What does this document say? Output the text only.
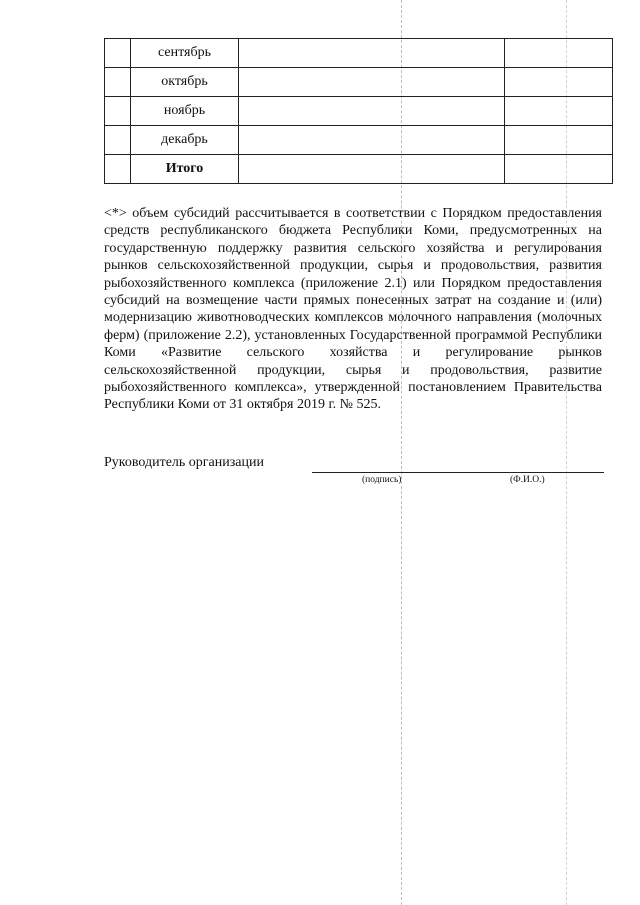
	сентябрь		
	октябрь		
	ноябрь		
	декабрь		
	Итого		

<*> объем субсидий рассчитывается в соответствии с Порядком предоставления средств республиканского бюджета Республики Коми, предусмотренных на государственную поддержку развития сельского хозяйства и регулирования рынков сельскохозяйственной продукции, сырья и продовольствия, развития рыбохозяйственного комплекса (приложение 2.1) или Порядком предоставления субсидий на возмещение части прямых понесенных затрат на создание и (или) модернизацию животноводческих комплексов молочного направления (молочных ферм) (приложение 2.2), установленных Государственной программой Республики Коми «Развитие сельского хозяйства и регулирование рынков сельскохозяйственной продукции, сырья и продовольствия, развитие рыбохозяйственного комплекса», утвержденной постановлением Правительства Республики Коми от 31 октября 2019 г. № 525.

Руководитель организации
(подпись)	(Ф.И.О.)
